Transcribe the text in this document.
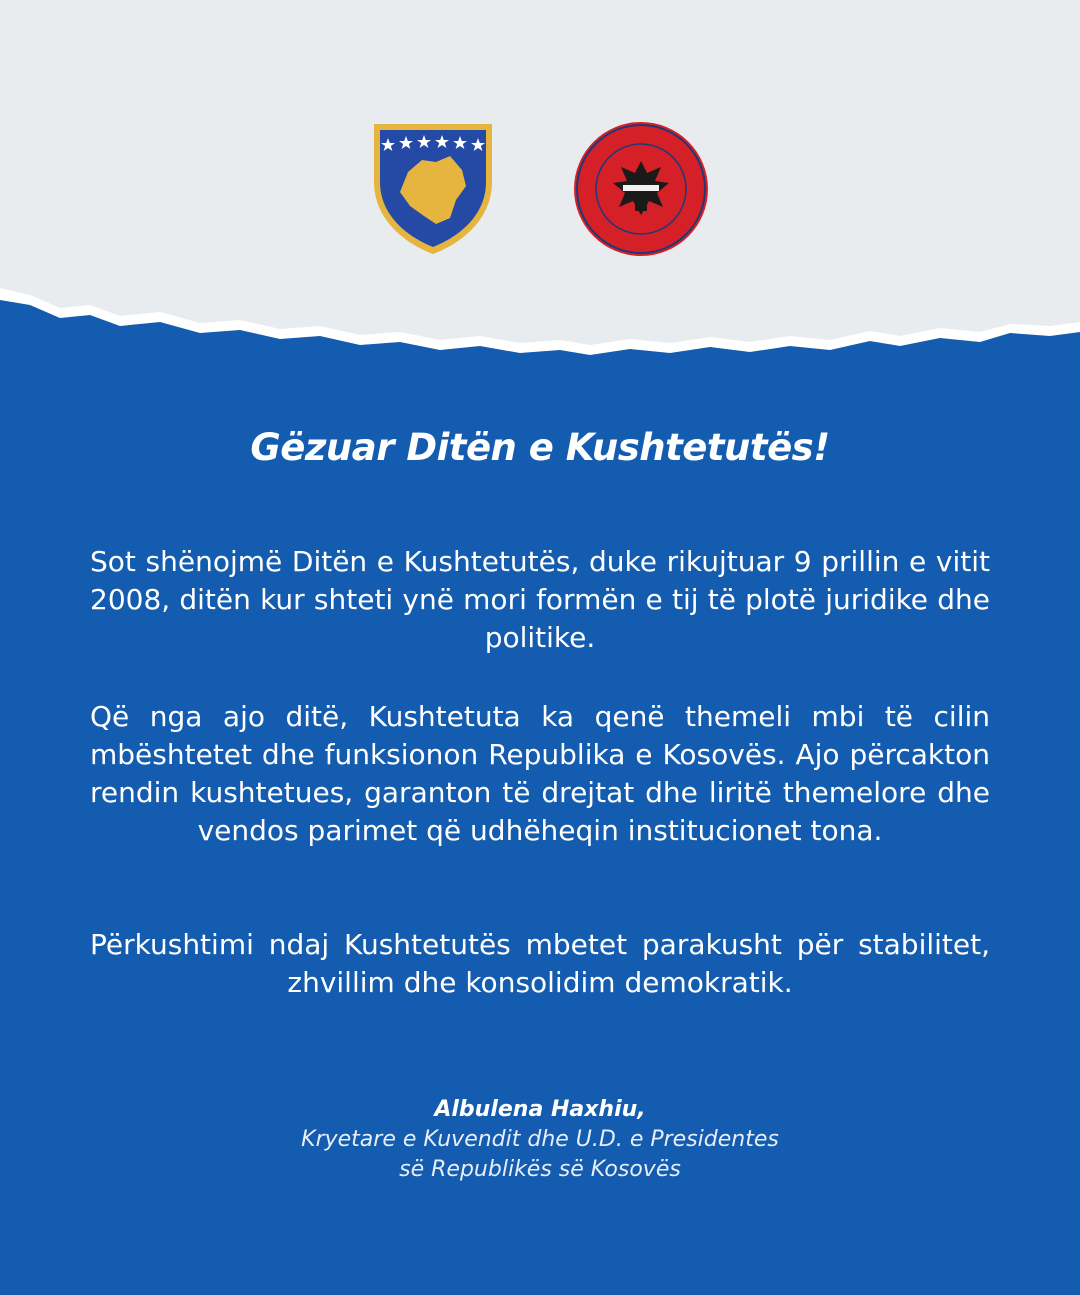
Gëzuar Ditën e Kushtetutës!

Sot shënojmë Ditën e Kushtetutës, duke rikujtuar 9 prillin e vitit 2008, ditën kur shteti ynë mori formën e tij të plotë juridike dhe politike.

Që nga ajo ditë, Kushtetuta ka qenë themeli mbi të cilin mbështetet dhe funksionon Republika e Kosovës. Ajo përcakton rendin kushtetues, garanton të drejtat dhe liritë themelore dhe vendos parimet që udhëheqin institucionet tona.

Përkushtimi ndaj Kushtetutës mbetet parakusht për stabilitet, zhvillim dhe konsolidim demokratik.

Albulena Haxhiu,
Kryetare e Kuvendit dhe U.D. e Presidentes
së Republikës së Kosovës
